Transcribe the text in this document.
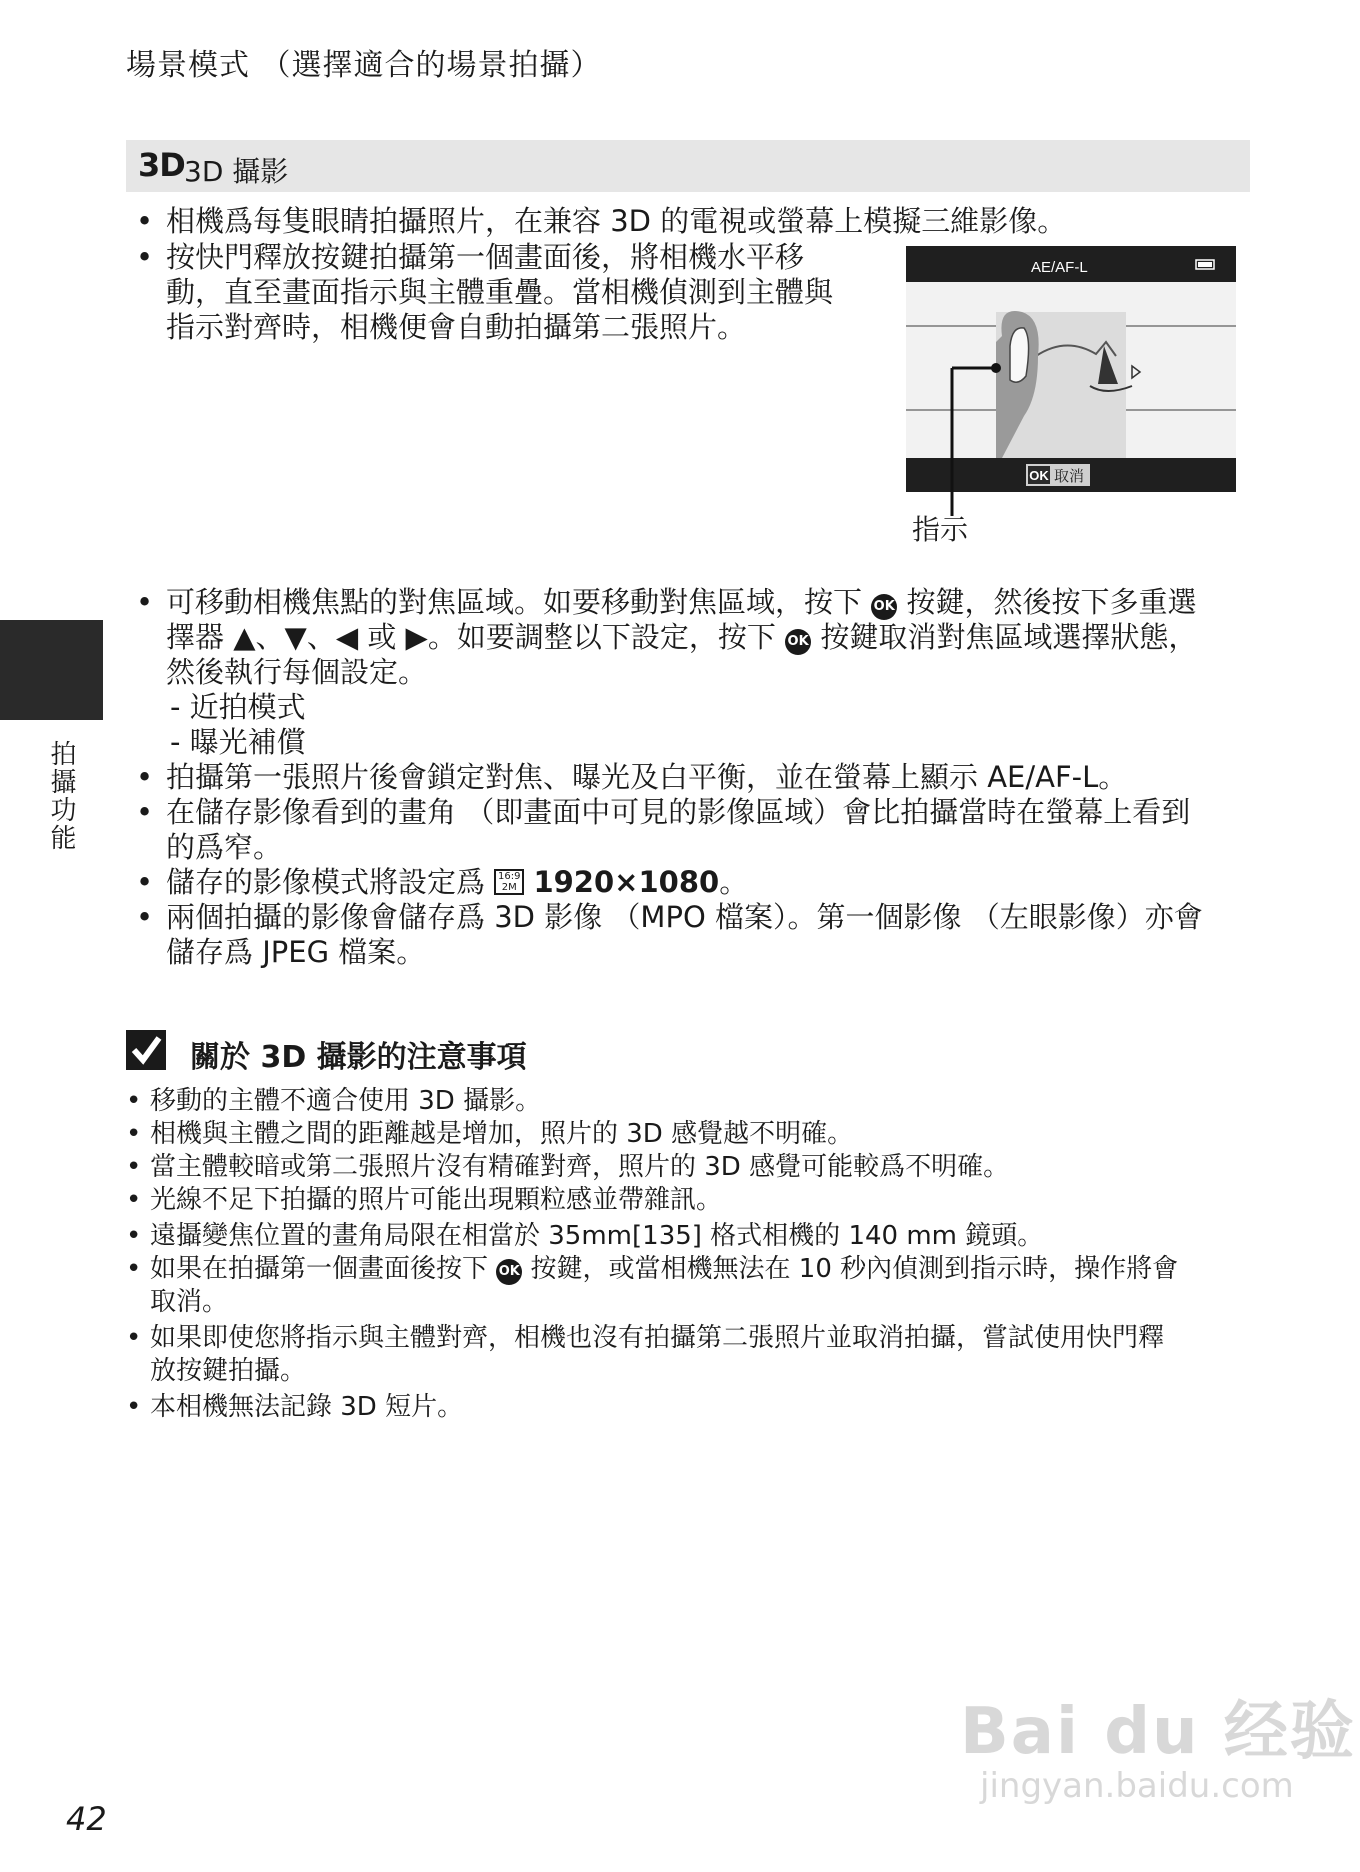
場景模式 （選擇適合的場景拍攝）
3D 3D 攝影
• 相機爲每隻眼睛拍攝照片，在兼容 3D 的電視或螢幕上模擬三維影像。
• 按快門釋放按鍵拍攝第一個畫面後，將相機水平移
動，直至畫面指示與主體重疊。當相機偵測到主體與
指示對齊時，相機便會自動拍攝第二張照片。
OK 取消
AE/AF-L
指示
• 可移動相機焦點的對焦區域。如要移動對焦區域，按下 OK 按鍵，然後按下多重選
擇器 ▲、▼、◀ 或 ▶。如要調整以下設定，按下 OK 按鍵取消對焦區域選擇狀態，
然後執行每個設定。
- 近拍模式
- 曝光補償
• 拍攝第一張照片後會鎖定對焦、曝光及白平衡，並在螢幕上顯示 AE/AF-L。
• 在儲存影像看到的畫角 （即畫面中可見的影像區域）會比拍攝當時在螢幕上看到
的爲窄。
• 儲存的影像模式將設定爲 16:9
2M 1920×1080。
• 兩個拍攝的影像會儲存爲 3D 影像 （MPO 檔案）。第一個影像 （左眼影像）亦會
儲存爲 JPEG 檔案。
關於 3D 攝影的注意事項
• 移動的主體不適合使用 3D 攝影。
• 相機與主體之間的距離越是增加，照片的 3D 感覺越不明確。
• 當主體較暗或第二張照片沒有精確對齊，照片的 3D 感覺可能較爲不明確。
• 光線不足下拍攝的照片可能出現顆粒感並帶雜訊。
• 遠攝變焦位置的畫角局限在相當於 35mm[135] 格式相機的 140 mm 鏡頭。
• 如果在拍攝第一個畫面後按下 OK 按鍵，或當相機無法在 10 秒內偵測到指示時，操作將會
取消。
• 如果即使您將指示與主體對齊，相機也沒有拍攝第二張照片並取消拍攝，嘗試使用快門釋
放按鍵拍攝。
• 本相機無法記錄 3D 短片。
拍攝功能
42
Bai du 经验
jingyan.baidu.com
